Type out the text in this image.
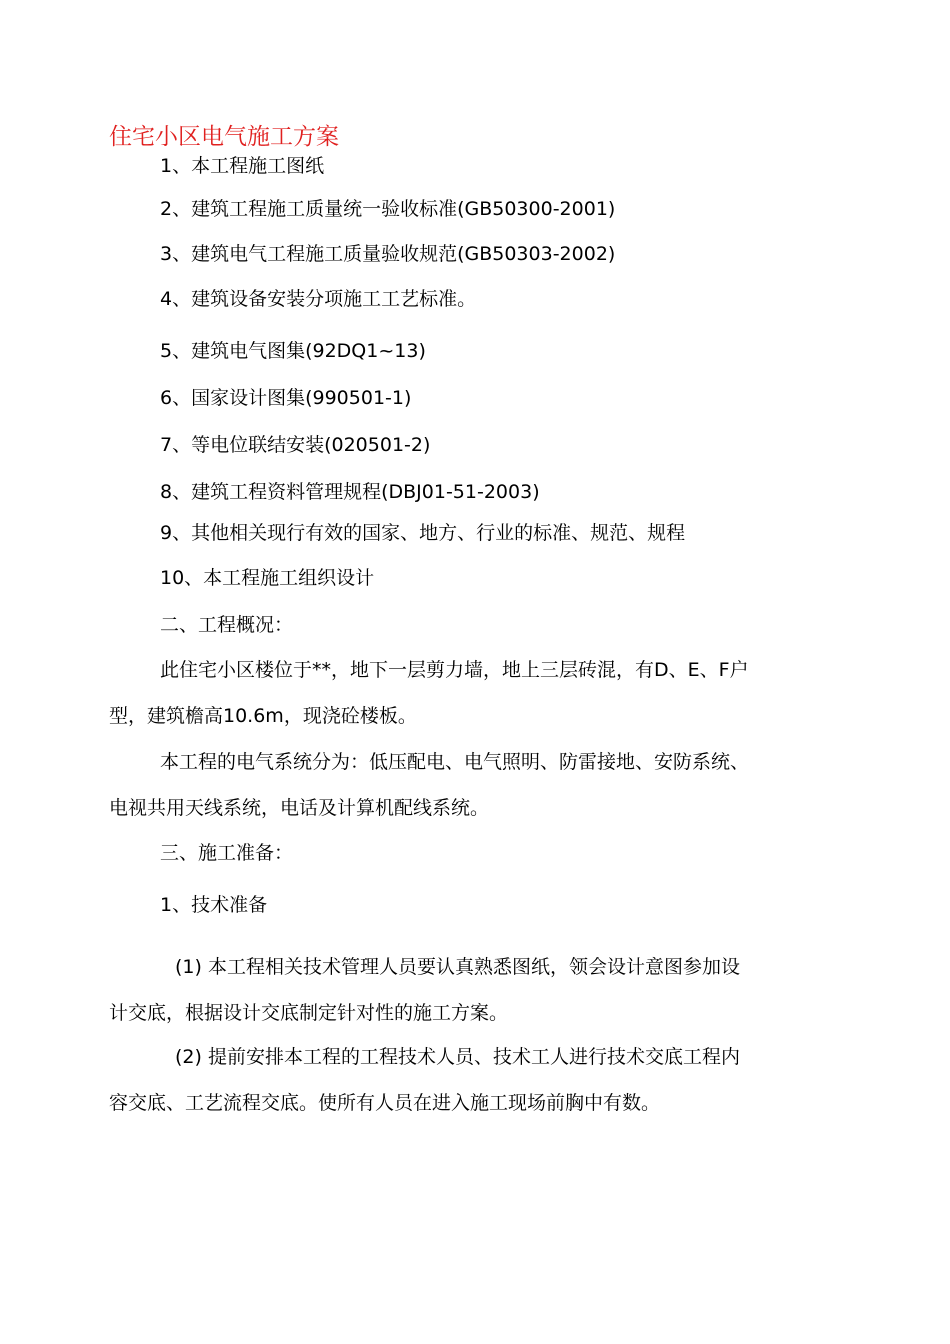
住宅小区电气施工方案
1、本工程施工图纸
2、建筑工程施工质量统一验收标准(GB50300-2001)
3、建筑电气工程施工质量验收规范(GB50303-2002)
4、建筑设备安装分项施工工艺标准。
5、建筑电气图集(92DQ1~13)
6、国家设计图集(990501-1)
7、等电位联结安装(020501-2)
8、建筑工程资料管理规程(DBJ01-51-2003)
9、其他相关现行有效的国家、地方、行业的标准、规范、规程
10、本工程施工组织设计
二、工程概况：
此住宅小区楼位于**，地下一层剪力墙，地上三层砖混，有D、E、F户
型，建筑檐高10.6m，现浇砼楼板。
本工程的电气系统分为：低压配电、电气照明、防雷接地、安防系统、
电视共用天线系统，电话及计算机配线系统。
三、施工准备：
1、技术准备
(1) 本工程相关技术管理人员要认真熟悉图纸，领会设计意图参加设
计交底，根据设计交底制定针对性的施工方案。
(2) 提前安排本工程的工程技术人员、技术工人进行技术交底工程内
容交底、工艺流程交底。使所有人员在进入施工现场前胸中有数。
